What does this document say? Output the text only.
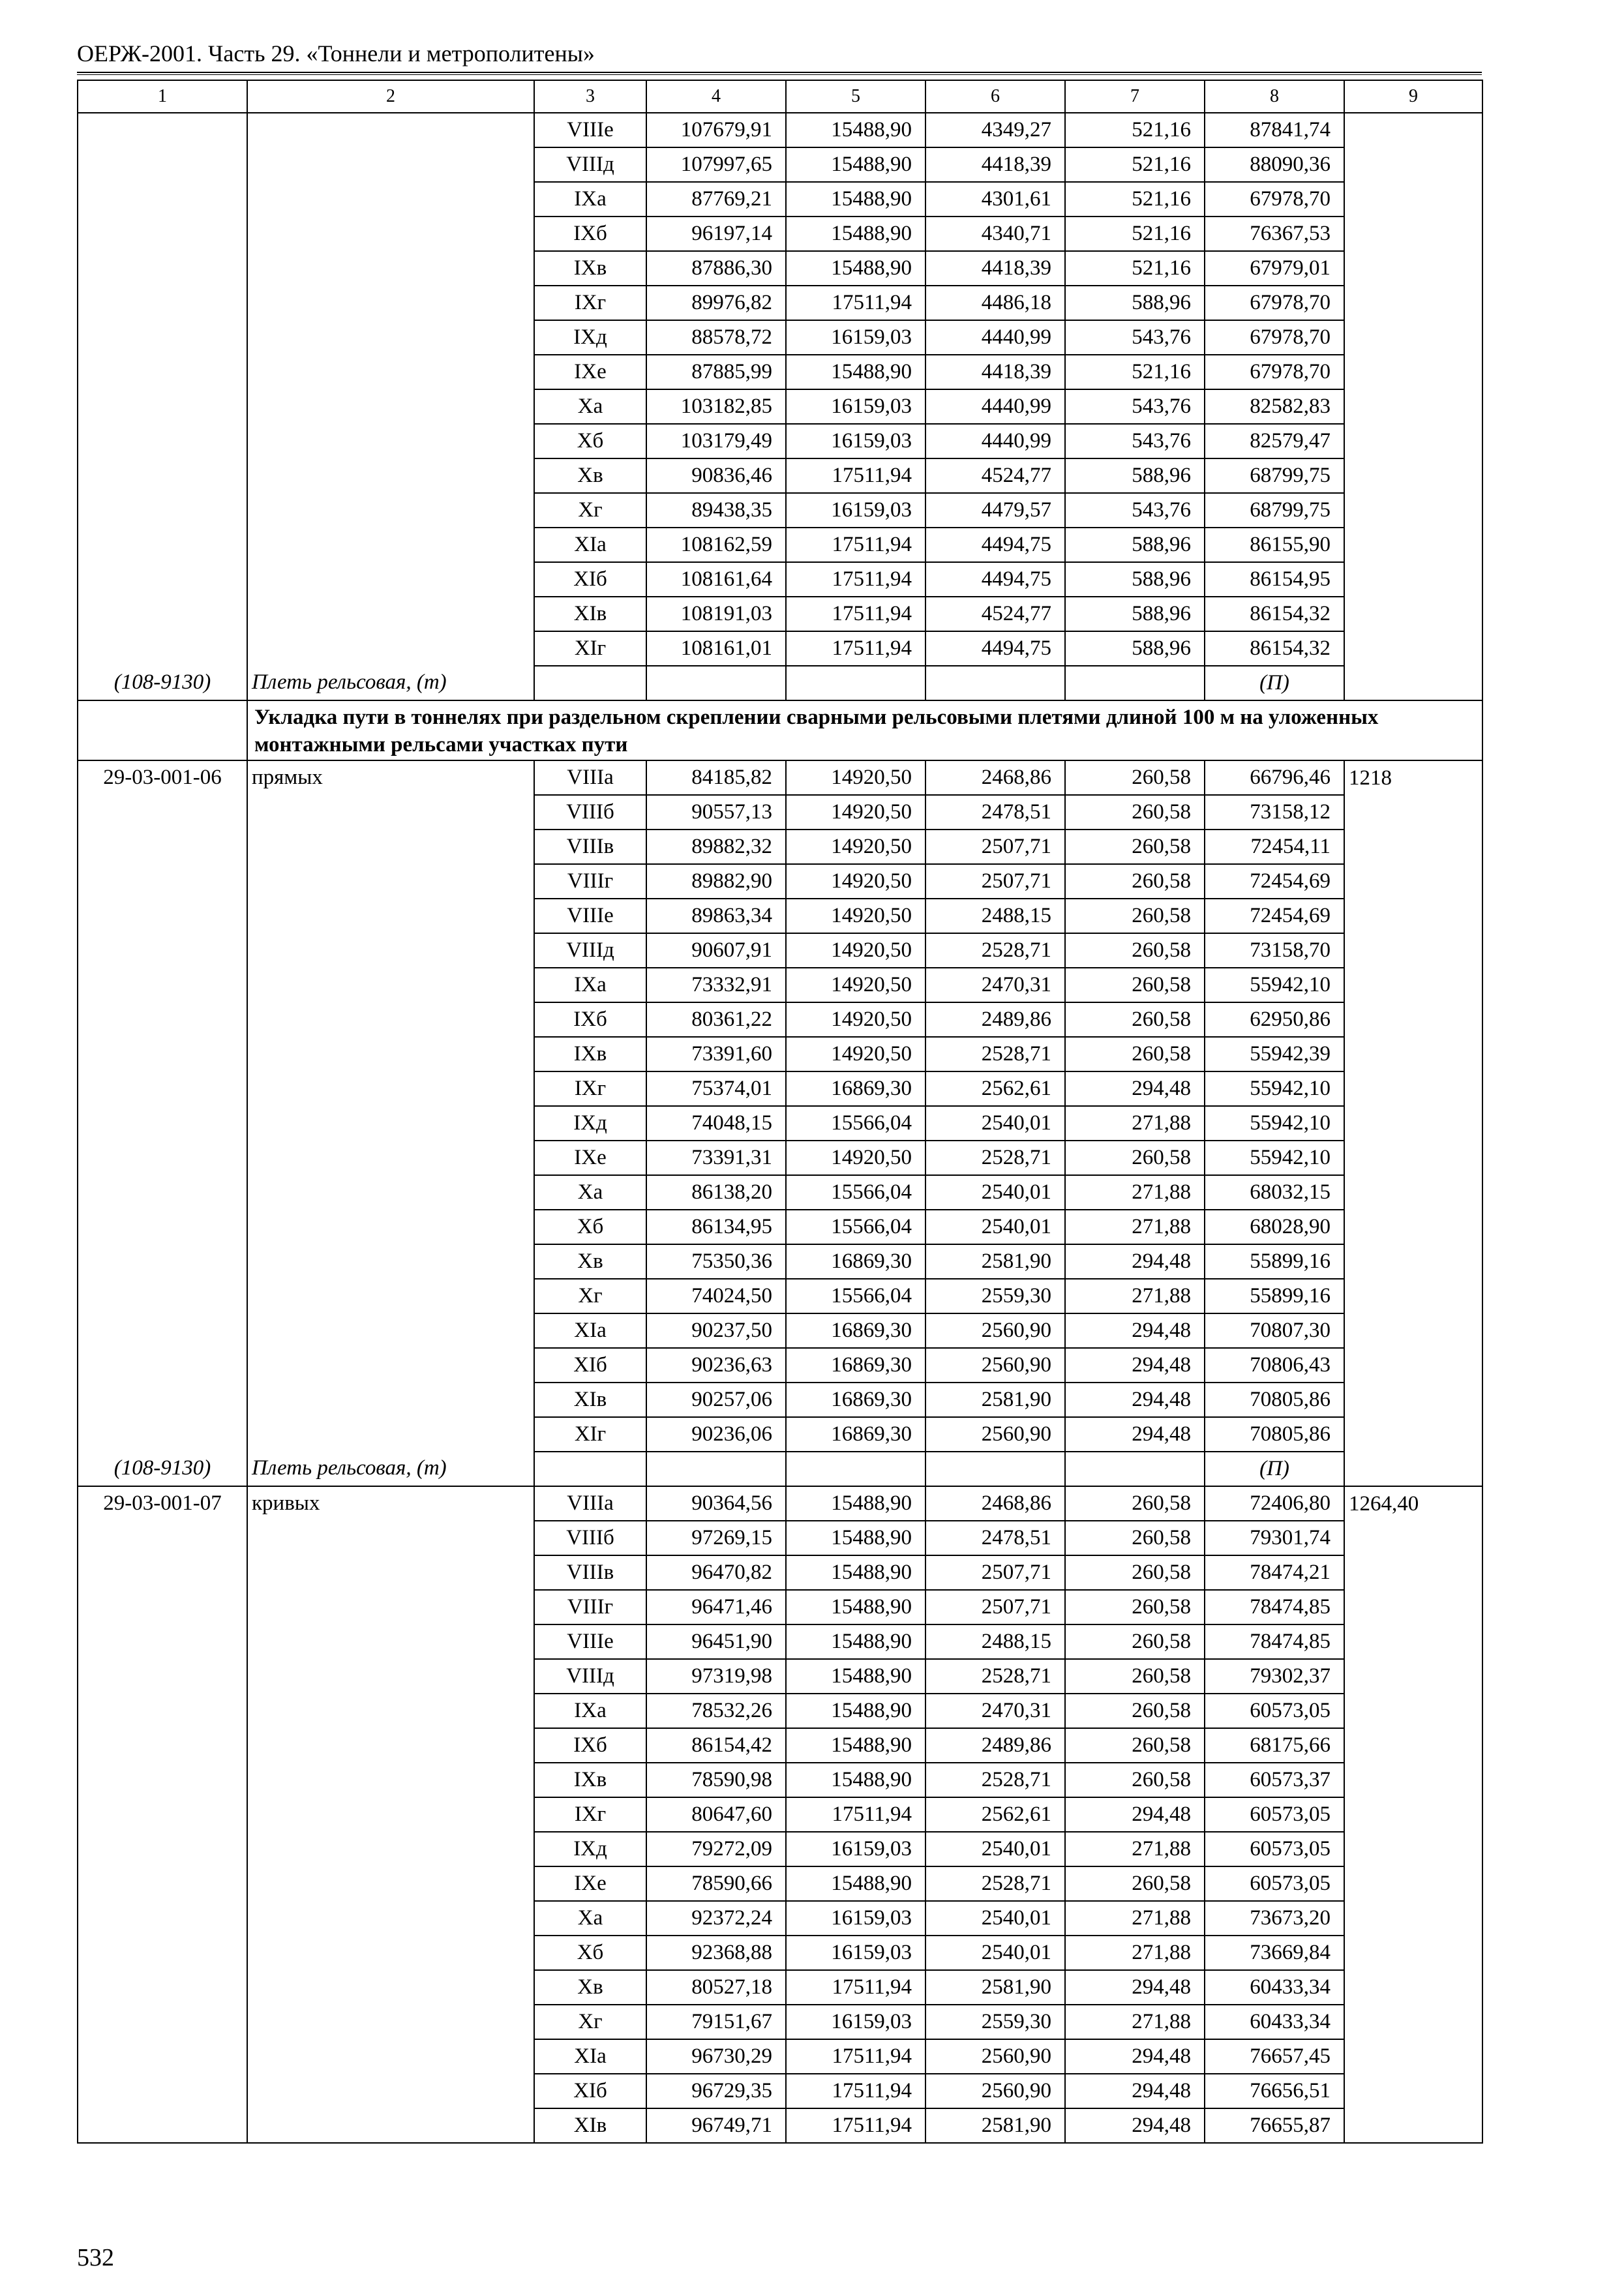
ОЕРЖ-2001. Часть 29. «Тоннели и метрополитены»
1	2	3	4	5	6	7	8	9
		VIIIе	107679,91	15488,90	4349,27	521,16	87841,74	
		VIIIд	107997,65	15488,90	4418,39	521,16	88090,36	
		IXа	87769,21	15488,90	4301,61	521,16	67978,70	
		IXб	96197,14	15488,90	4340,71	521,16	76367,53	
		IXв	87886,30	15488,90	4418,39	521,16	67979,01	
		IXг	89976,82	17511,94	4486,18	588,96	67978,70	
		IXд	88578,72	16159,03	4440,99	543,76	67978,70	
		IXе	87885,99	15488,90	4418,39	521,16	67978,70	
		Xа	103182,85	16159,03	4440,99	543,76	82582,83	
		Xб	103179,49	16159,03	4440,99	543,76	82579,47	
		Xв	90836,46	17511,94	4524,77	588,96	68799,75	
		Xг	89438,35	16159,03	4479,57	543,76	68799,75	
		XIа	108162,59	17511,94	4494,75	588,96	86155,90	
		XIб	108161,64	17511,94	4494,75	588,96	86154,95	
		XIв	108191,03	17511,94	4524,77	588,96	86154,32	
		XIг	108161,01	17511,94	4494,75	588,96	86154,32	
(108-9130)	Плеть рельсовая, (т)						(П)	
	Укладка пути в тоннелях при раздельном скреплении сварными рельсовыми плетями длиной 100 м на уложенных монтажными рельсами участках пути							
29-03-001-06	прямых	VIIIа	84185,82	14920,50	2468,86	260,58	66796,46	1218
		VIIIб	90557,13	14920,50	2478,51	260,58	73158,12	
		VIIIв	89882,32	14920,50	2507,71	260,58	72454,11	
		VIIIг	89882,90	14920,50	2507,71	260,58	72454,69	
		VIIIе	89863,34	14920,50	2488,15	260,58	72454,69	
		VIIIд	90607,91	14920,50	2528,71	260,58	73158,70	
		IXа	73332,91	14920,50	2470,31	260,58	55942,10	
		IXб	80361,22	14920,50	2489,86	260,58	62950,86	
		IXв	73391,60	14920,50	2528,71	260,58	55942,39	
		IXг	75374,01	16869,30	2562,61	294,48	55942,10	
		IXд	74048,15	15566,04	2540,01	271,88	55942,10	
		IXе	73391,31	14920,50	2528,71	260,58	55942,10	
		Xа	86138,20	15566,04	2540,01	271,88	68032,15	
		Xб	86134,95	15566,04	2540,01	271,88	68028,90	
		Xв	75350,36	16869,30	2581,90	294,48	55899,16	
		Xг	74024,50	15566,04	2559,30	271,88	55899,16	
		XIа	90237,50	16869,30	2560,90	294,48	70807,30	
		XIб	90236,63	16869,30	2560,90	294,48	70806,43	
		XIв	90257,06	16869,30	2581,90	294,48	70805,86	
		XIг	90236,06	16869,30	2560,90	294,48	70805,86	
(108-9130)	Плеть рельсовая, (т)						(П)	
29-03-001-07	кривых	VIIIа	90364,56	15488,90	2468,86	260,58	72406,80	1264,40
		VIIIб	97269,15	15488,90	2478,51	260,58	79301,74	
		VIIIв	96470,82	15488,90	2507,71	260,58	78474,21	
		VIIIг	96471,46	15488,90	2507,71	260,58	78474,85	
		VIIIе	96451,90	15488,90	2488,15	260,58	78474,85	
		VIIIд	97319,98	15488,90	2528,71	260,58	79302,37	
		IXа	78532,26	15488,90	2470,31	260,58	60573,05	
		IXб	86154,42	15488,90	2489,86	260,58	68175,66	
		IXв	78590,98	15488,90	2528,71	260,58	60573,37	
		IXг	80647,60	17511,94	2562,61	294,48	60573,05	
		IXд	79272,09	16159,03	2540,01	271,88	60573,05	
		IXе	78590,66	15488,90	2528,71	260,58	60573,05	
		Xа	92372,24	16159,03	2540,01	271,88	73673,20	
		Xб	92368,88	16159,03	2540,01	271,88	73669,84	
		Xв	80527,18	17511,94	2581,90	294,48	60433,34	
		Xг	79151,67	16159,03	2559,30	271,88	60433,34	
		XIа	96730,29	17511,94	2560,90	294,48	76657,45	
		XIб	96729,35	17511,94	2560,90	294,48	76656,51	
		XIв	96749,71	17511,94	2581,90	294,48	76655,87	
532
